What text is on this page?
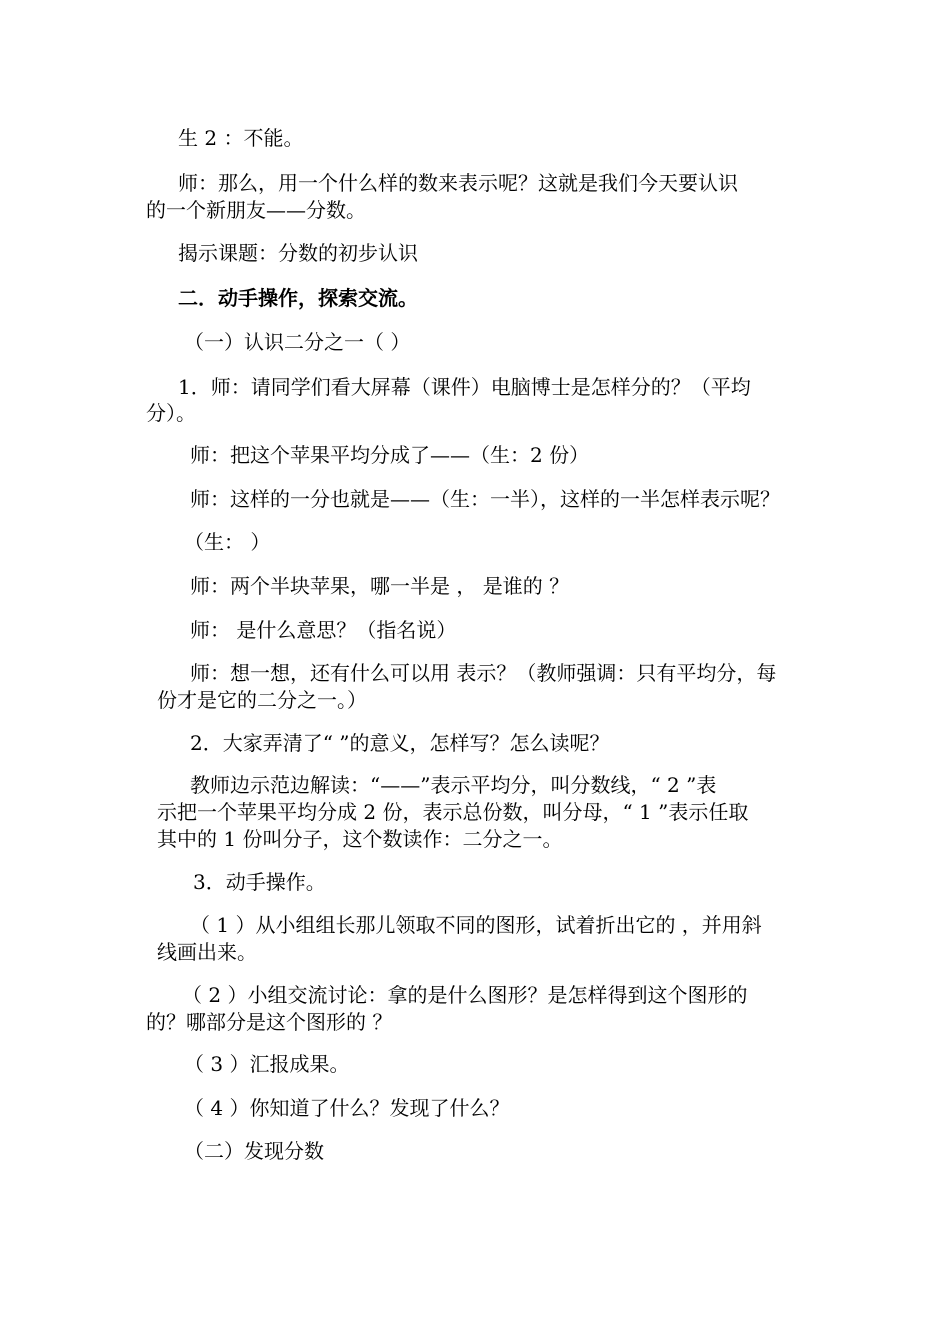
生 2 ：不能。

师：那么，用一个什么样的数来表示呢？这就是我们今天要认识

的一个新朋友——分数。

揭示课题：分数的初步认识

二．动手操作，探索交流。

（一）认识二分之一（ ）

1．师：请同学们看大屏幕（课件）电脑博士是怎样分的？（平均

分）。

师：把这个苹果平均分成了——（生：2 份）

师：这样的一分也就是——（生：一半），这样的一半怎样表示呢？

（生： ）

师：两个半块苹果，哪一半是 ， 是谁的 ？

师： 是什么意思？（指名说）

师：想一想，还有什么可以用 表示？（教师强调：只有平均分，每

份才是它的二分之一。）

2．大家弄清了“ ”的意义，怎样写？怎么读呢？

教师边示范边解读：“——”表示平均分，叫分数线，“ 2 ”表

示把一个苹果平均分成 2 份，表示总份数，叫分母，“ 1 ”表示任取

其中的 1 份叫分子，这个数读作：二分之一。

3．动手操作。

（ 1 ）从小组组长那儿领取不同的图形，试着折出它的 ，并用斜

线画出来。

（ 2 ）小组交流讨论：拿的是什么图形？是怎样得到这个图形的

的？哪部分是这个图形的 ？

（ 3 ）汇报成果。

（ 4 ）你知道了什么？发现了什么？

（二）发现分数
